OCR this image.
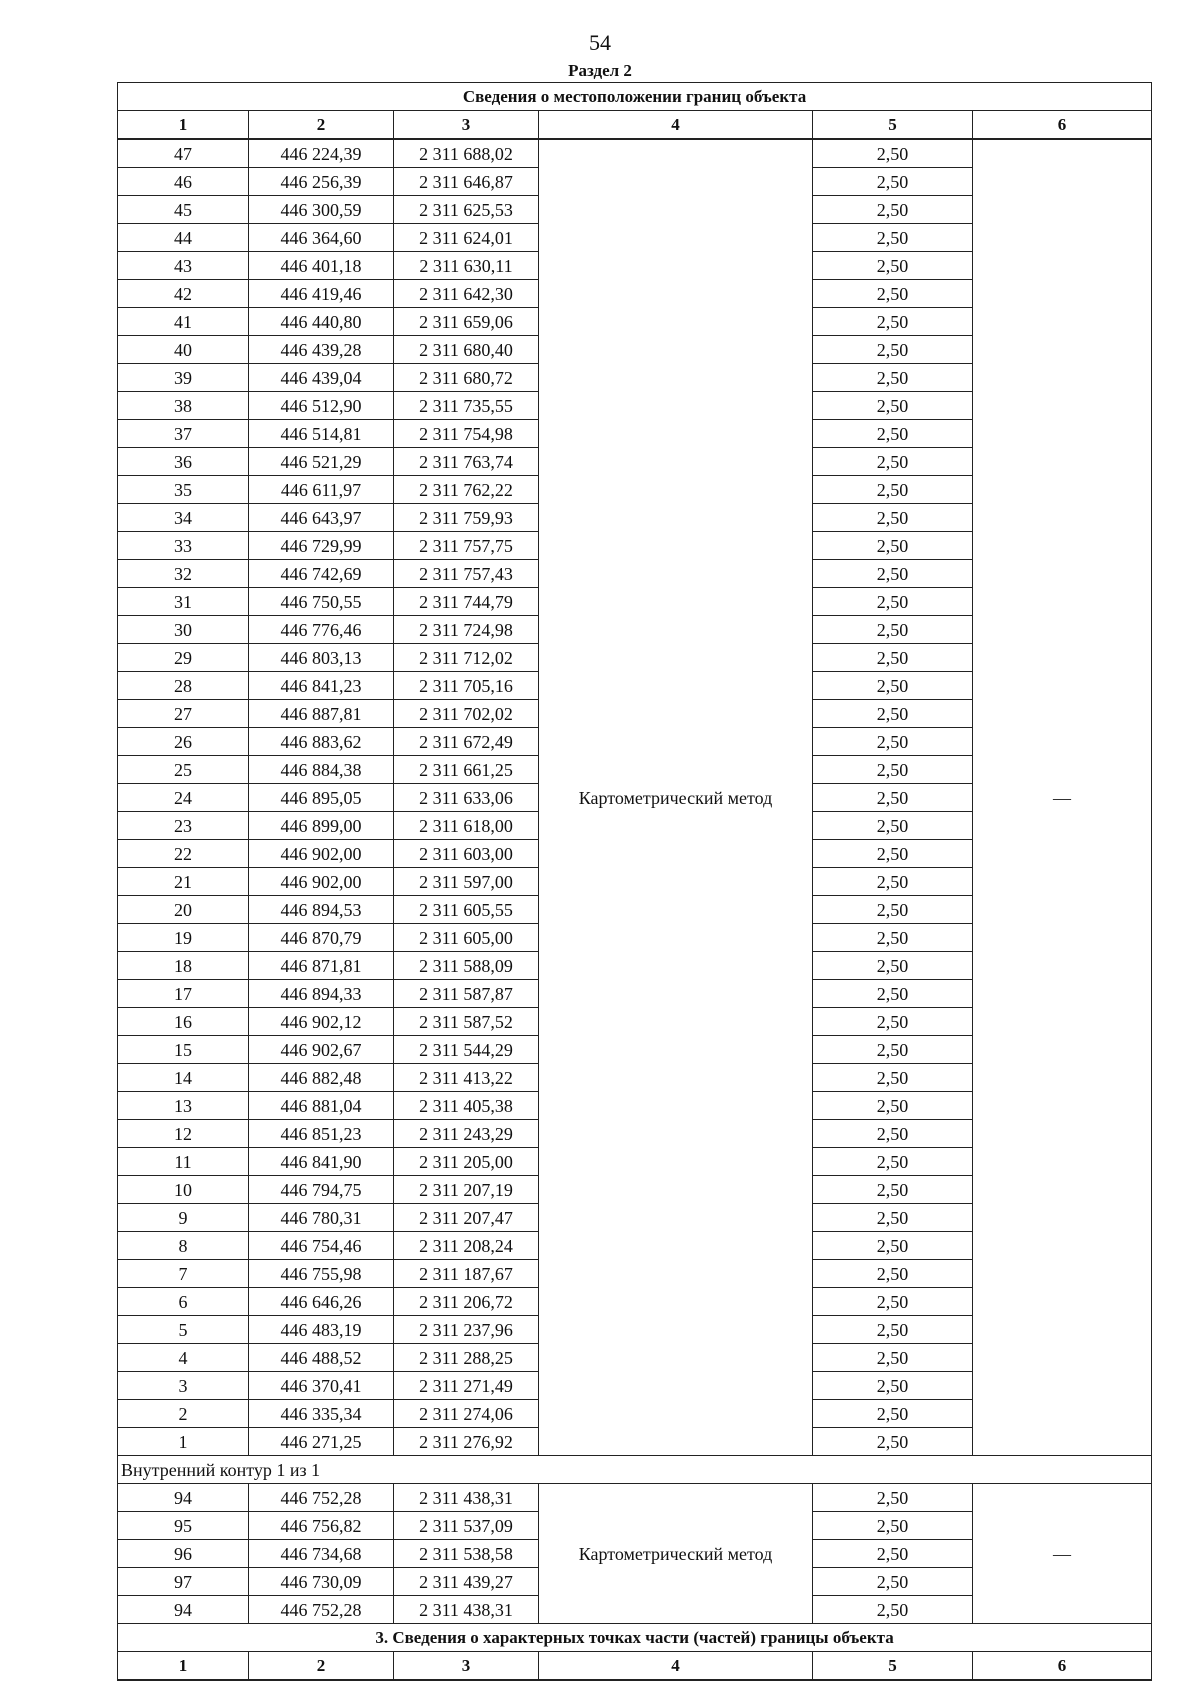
54
Раздел 2
Сведения о местоположении границ объекта					
1	2	3	4	5	6
47	446 224,39	2 311 688,02	Картометрический метод	2,50	—
46	446 256,39	2 311 646,87		2,50	
45	446 300,59	2 311 625,53		2,50	
44	446 364,60	2 311 624,01		2,50	
43	446 401,18	2 311 630,11		2,50	
42	446 419,46	2 311 642,30		2,50	
41	446 440,80	2 311 659,06		2,50	
40	446 439,28	2 311 680,40		2,50	
39	446 439,04	2 311 680,72		2,50	
38	446 512,90	2 311 735,55		2,50	
37	446 514,81	2 311 754,98		2,50	
36	446 521,29	2 311 763,74		2,50	
35	446 611,97	2 311 762,22		2,50	
34	446 643,97	2 311 759,93		2,50	
33	446 729,99	2 311 757,75		2,50	
32	446 742,69	2 311 757,43		2,50	
31	446 750,55	2 311 744,79		2,50	
30	446 776,46	2 311 724,98		2,50	
29	446 803,13	2 311 712,02		2,50	
28	446 841,23	2 311 705,16		2,50	
27	446 887,81	2 311 702,02		2,50	
26	446 883,62	2 311 672,49		2,50	
25	446 884,38	2 311 661,25		2,50	
24	446 895,05	2 311 633,06		2,50	
23	446 899,00	2 311 618,00		2,50	
22	446 902,00	2 311 603,00		2,50	
21	446 902,00	2 311 597,00		2,50	
20	446 894,53	2 311 605,55		2,50	
19	446 870,79	2 311 605,00		2,50	
18	446 871,81	2 311 588,09		2,50	
17	446 894,33	2 311 587,87		2,50	
16	446 902,12	2 311 587,52		2,50	
15	446 902,67	2 311 544,29		2,50	
14	446 882,48	2 311 413,22		2,50	
13	446 881,04	2 311 405,38		2,50	
12	446 851,23	2 311 243,29		2,50	
11	446 841,90	2 311 205,00		2,50	
10	446 794,75	2 311 207,19		2,50	
9	446 780,31	2 311 207,47		2,50	
8	446 754,46	2 311 208,24		2,50	
7	446 755,98	2 311 187,67		2,50	
6	446 646,26	2 311 206,72		2,50	
5	446 483,19	2 311 237,96		2,50	
4	446 488,52	2 311 288,25		2,50	
3	446 370,41	2 311 271,49		2,50	
2	446 335,34	2 311 274,06		2,50	
1	446 271,25	2 311 276,92		2,50	
Внутренний контур 1 из 1					
94	446 752,28	2 311 438,31	Картометрический метод	2,50	—
95	446 756,82	2 311 537,09		2,50	
96	446 734,68	2 311 538,58		2,50	
97	446 730,09	2 311 439,27		2,50	
94	446 752,28	2 311 438,31		2,50	
3. Сведения о характерных точках части (частей) границы объекта					
1	2	3	4	5	6
